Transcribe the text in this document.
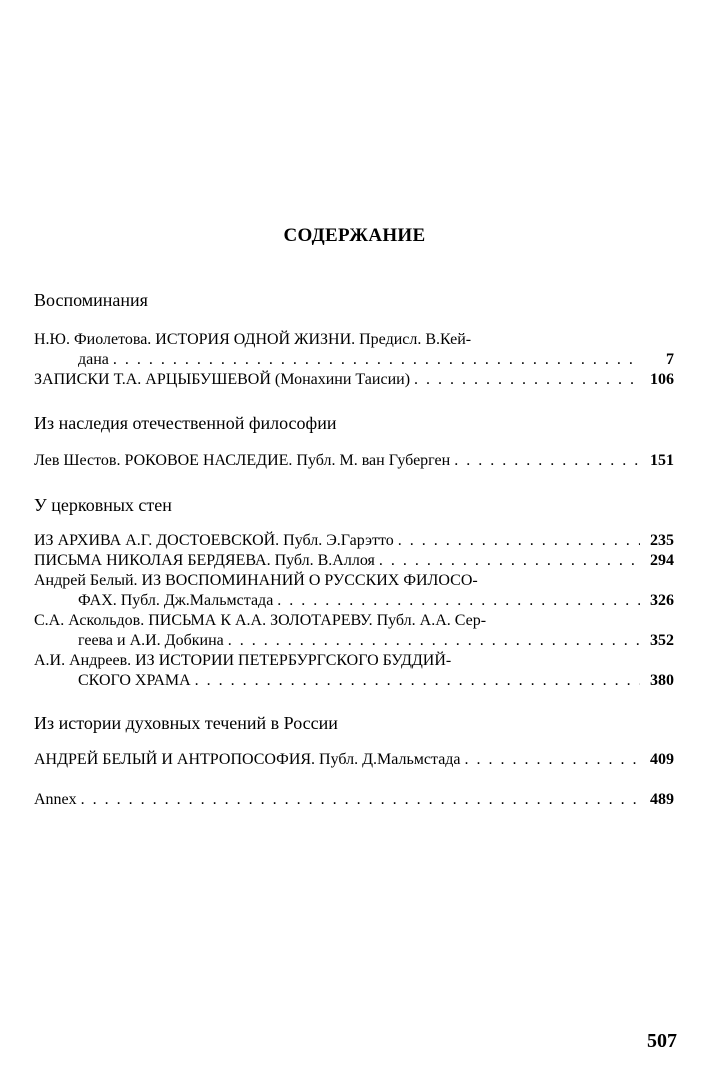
СОДЕРЖАНИЕ
Воспоминания
Н.Ю. Фиолетова. ИСТОРИЯ ОДНОЙ ЖИЗНИ. Предисл. В.Кей-
дана . . .	7
ЗАПИСКИ Т.А. АРЦЫБУШЕВОЙ (Монахини Таисии) . . .	106
Из наследия отечественной философии
Лев Шестов. РОКОВОЕ НАСЛЕДИЕ. Публ. М. ван Губерген . . .	151
У церковных стен
ИЗ АРХИВА А.Г. ДОСТОЕВСКОЙ. Публ. Э.Гарэтто . . .	235
ПИСЬМА НИКОЛАЯ БЕРДЯЕВА. Публ. В.Аллоя . . .	294
Андрей Белый. ИЗ ВОСПОМИНАНИЙ О РУССКИХ ФИЛОСО-
ФАХ. Публ. Дж.Мальмстада . . .	326
С.А. Аскольдов. ПИСЬМА К А.А. ЗОЛОТАРЕВУ. Публ. А.А. Сер-
геева и А.И. Добкина . . .	352
А.И. Андреев. ИЗ ИСТОРИИ ПЕТЕРБУРГСКОГО БУДДИЙ-
СКОГО ХРАМА . . .	380
Из истории духовных течений в России
АНДРЕЙ БЕЛЫЙ И АНТРОПОСОФИЯ. Публ. Д.Мальмстада . . .	409
Annex . . .	489
507
